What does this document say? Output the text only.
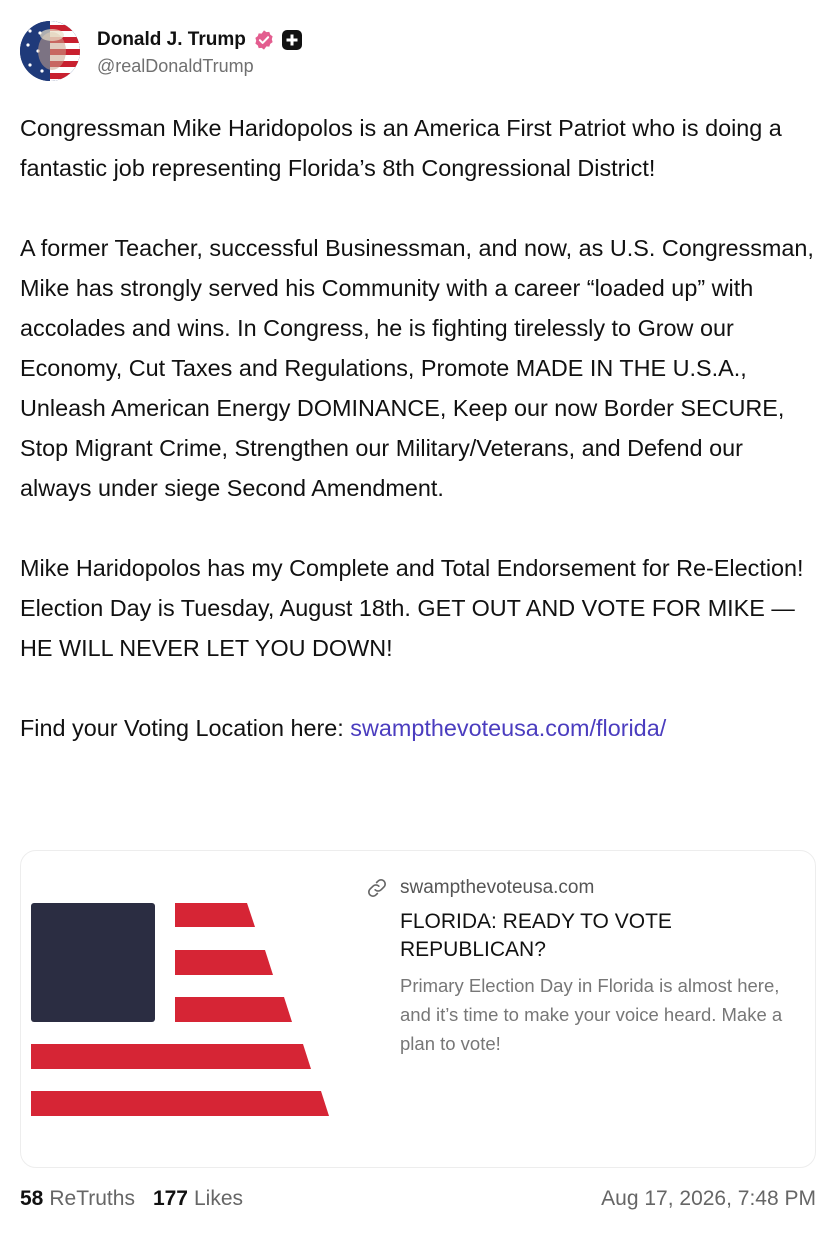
Donald J. Trump
@realDonaldTrump

Congressman Mike Haridopolos is an America First Patriot who is doing a fantastic job representing Florida’s 8th Congressional District!

A former Teacher, successful Businessman, and now, as U.S. Congressman, Mike has strongly served his Community with a career “loaded up” with accolades and wins. In Congress, he is fighting tirelessly to Grow our Economy, Cut Taxes and Regulations, Promote MADE IN THE U.S.A., Unleash American Energy DOMINANCE, Keep our now Border SECURE, Stop Migrant Crime, Strengthen our Military/Veterans, and Defend our always under siege Second Amendment.

Mike Haridopolos has my Complete and Total Endorsement for Re-Election! Election Day is Tuesday, August 18th. GET OUT AND VOTE FOR MIKE — HE WILL NEVER LET YOU DOWN!

Find your Voting Location here: swampthevoteusa.com/florida/

swampthevoteusa.com
FLORIDA: READY TO VOTE REPUBLICAN?
Primary Election Day in Florida is almost here, and it’s time to make your voice heard. Make a plan to vote!
58 ReTruths 177 Likes	Aug 17, 2026, 7:48 PM
